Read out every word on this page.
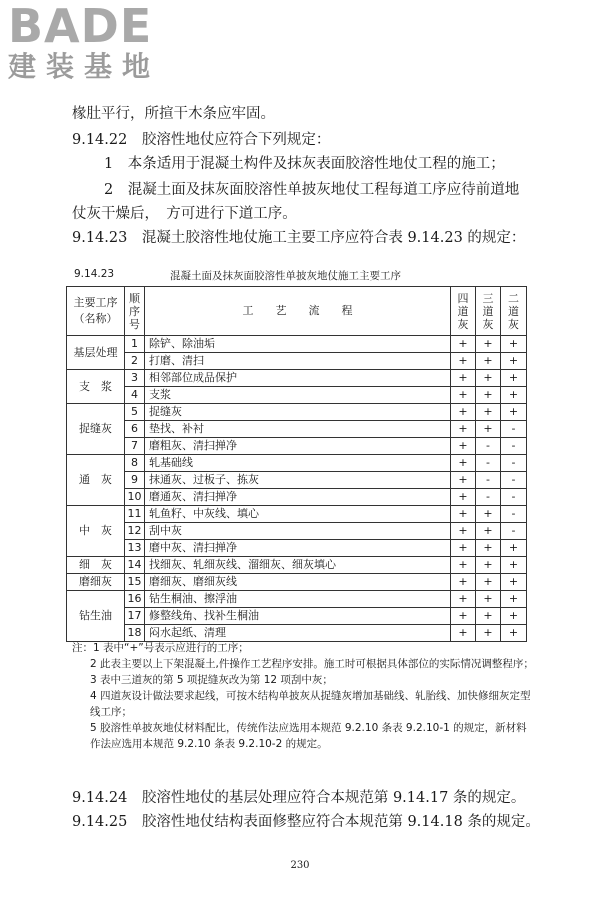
BADE
建装基地
椽肚平行，所揎干木条应牢固。
9.14.22　胶溶性地仗应符合下列规定：
1　本条适用于混凝土构件及抹灰表面胶溶性地仗工程的施工；
2　混凝土面及抹灰面胶溶性单披灰地仗工程每道工序应待前道地
仗灰干燥后，　方可进行下道工序。
9.14.23　混凝土胶溶性地仗施工主要工序应符合表 9.14.23 的规定：
9.14.23	混凝土面及抹灰面胶溶性单披灰地仗施工主要工序
主要工序（名称）	顺序号	工　　艺　　流　　程	四道灰	三道灰	二道灰
基层处理	1	除铲、除油垢	+	+	+
	2	打磨、清扫	+	+	+
支　浆	3	相邻部位成品保护	+	+	+
	4	支浆	+	+	+
捉缝灰	5	捉缝灰	+	+	+
	6	垫找、补衬	+	+	-
	7	磨粗灰、清扫掸净	+	-	-
通　灰	8	轧基础线	+	-	-
	9	抹通灰、过板子、拣灰	+	-	-
	10	磨通灰、清扫掸净	+	-	-
中　灰	11	轧鱼籽、中灰线、填心	+	+	-
	12	刮中灰	+	+	-
	13	磨中灰、清扫掸净	+	+	+
细　灰	14	找细灰、轧细灰线、溜细灰、细灰填心	+	+	+
磨细灰	15	磨细灰、磨细灰线	+	+	+
钻生油	16	钻生桐油、擦浮油	+	+	+
	17	修整线角、找补生桐油	+	+	+
	18	闷水起纸、清理	+	+	+

注：1 表中“+”号表示应进行的工序；

2 此表主要以上下架混凝土,件操作工艺程序安排。施工时可根据具体部位的实际情况调整程序；

3 表中三道灰的第 5 项捉缝灰改为第 12 项刮中灰；

4 四道灰设计做法要求起线，可按木结构单披灰从捉缝灰增加基础线、轧胎线、加快修细灰定型线工序；

5 胶溶性单披灰地仗材料配比，传统作法应选用本规范 9.2.10 条表 9.2.10-1 的规定，新材料作法应选用本规范 9.2.10 条表 9.2.10-2 的规定。

9.14.24　胶溶性地仗的基层处理应符合本规范第 9.14.17 条的规定。
9.14.25　胶溶性地仗结构表面修整应符合本规范第 9.14.18 条的规定。
230
